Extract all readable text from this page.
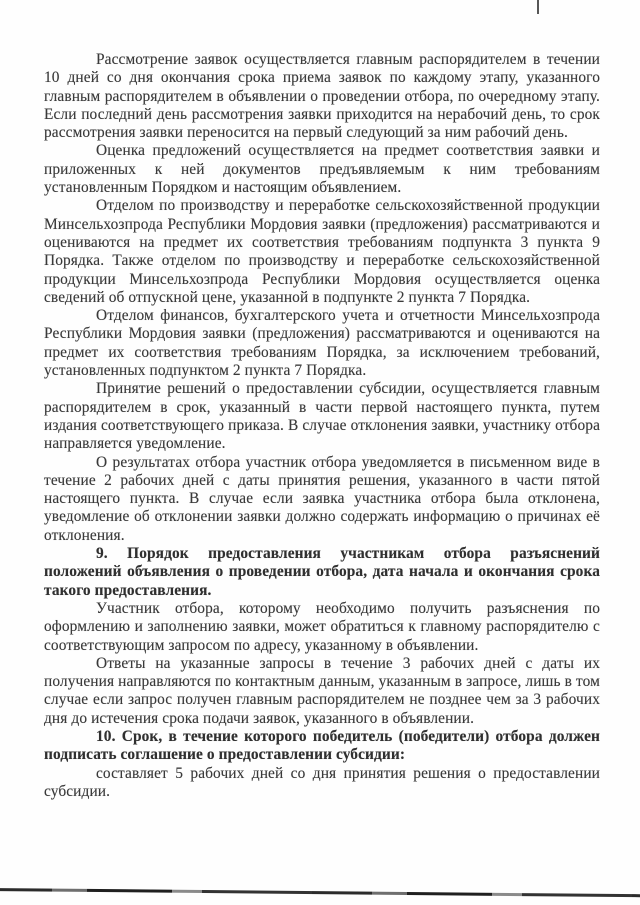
Рассмотрение заявок осуществляется главным распорядителем в течении 10 дней со дня окончания срока приема заявок по каждому этапу, указанного главным распорядителем в объявлении о проведении отбора, по очередному этапу. Если последний день рассмотрения заявки приходится на нерабочий день, то срок рассмотрения заявки переносится на первый следующий за ним рабочий день.

Оценка предложений осуществляется на предмет соответствия заявки и приложенных к ней документов предъявляемым к ним требованиям установленным Порядком и настоящим объявлением.

Отделом по производству и переработке сельскохозяйственной продукции Минсельхозпрода Республики Мордовия заявки (предложения) рассматриваются и оцениваются на предмет их соответствия требованиям подпункта 3 пункта 9 Порядка. Также отделом по производству и переработке сельскохозяйственной продукции Минсельхозпрода Республики Мордовия осуществляется оценка сведений об отпускной цене, указанной в подпункте 2 пункта 7 Порядка.

Отделом финансов, бухгалтерского учета и отчетности Минсельхозпрода Республики Мордовия заявки (предложения) рассматриваются и оцениваются на предмет их соответствия требованиям Порядка, за исключением требований, установленных подпунктом 2 пункта 7 Порядка.

Принятие решений о предоставлении субсидии, осуществляется главным распорядителем в срок, указанный в части первой настоящего пункта, путем издания соответствующего приказа. В случае отклонения заявки, участнику отбора направляется уведомление.

О результатах отбора участник отбора уведомляется в письменном виде в течение 2 рабочих дней с даты принятия решения, указанного в части пятой настоящего пункта. В случае если заявка участника отбора была отклонена, уведомление об отклонении заявки должно содержать информацию о причинах её отклонения.

9. Порядок предоставления участникам отбора разъяснений положений объявления о проведении отбора, дата начала и окончания срока такого предоставления.

Участник отбора, которому необходимо получить разъяснения по оформлению и заполнению заявки, может обратиться к главному распорядителю с соответствующим запросом по адресу, указанному в объявлении.

Ответы на указанные запросы в течение 3 рабочих дней с даты их получения направляются по контактным данным, указанным в запросе, лишь в том случае если запрос получен главным распорядителем не позднее чем за 3 рабочих дня до истечения срока подачи заявок, указанного в объявлении.

10. Срок, в течение которого победитель (победители) отбора должен подписать соглашение о предоставлении субсидии:

составляет 5 рабочих дней со дня принятия решения о предоставлении субсидии.
